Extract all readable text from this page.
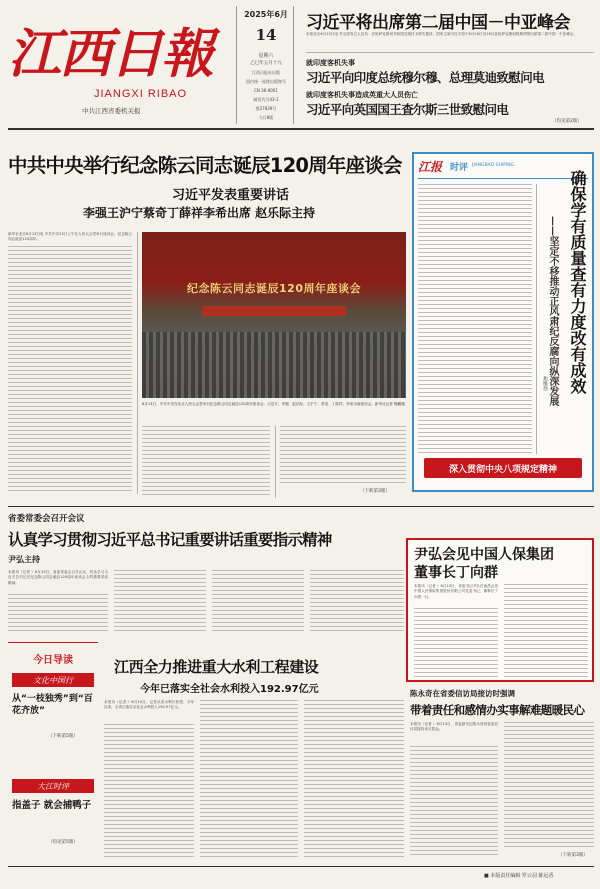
江西日報
JIANGXI RIBAO
中共江西省委机关报
2025年6月
14
星期六
乙巳年五月十九
江西日报社出版
国内统一连续出版物号
CN 36-0001
邮发代号43-1
第27839号
今日8版
习近平将出席第二届中国－中亚峰会
本报北京6月13日电 外交部发言人宣布：应哈萨克斯坦共和国总统托卡耶夫邀请，国家主席习近平将于6月16日至18日赴哈萨克斯坦阿斯塔纳出席第二届中国－中亚峰会。
就印度客机失事
习近平向印度总统穆尔穆、总理莫迪致慰问电
就印度客机失事造成英重大人员伤亡
习近平向英国国王查尔斯三世致慰问电
（均见第2版）
中共中央举行纪念陈云同志诞辰120周年座谈会
习近平发表重要讲话
李强王沪宁蔡奇丁薛祥李希出席 赵乐际主持
新华社北京6月13日电 中共中央13日上午在人民大会堂举行座谈会，纪念陈云同志诞辰120周年。
纪念陈云同志诞辰120周年座谈会
6月13日，中共中央在北京人民大会堂举行纪念陈云同志诞辰120周年座谈会。习近平、李强、赵乐际、王沪宁、蔡奇、丁薛祥、李希出席座谈会。新华社记者 鞠鹏摄
（下转第3版）
江报 时评 JIANGBAO SHIPING
确保学有质量查有力度改有成效
——坚定不移推动正风肃纪反腐向纵深发展
焦维伟
深入贯彻中央八项规定精神
省委常委会召开会议
认真学习贯彻习近平总书记重要讲话重要指示精神
尹弘主持
本报讯（记者 ）6月13日，省委常委会召开会议，传达学习习近平总书记在纪念陈云同志诞辰120周年座谈会上的重要讲话精神。
尹弘会见中国人保集团
董事长丁向群
本报讯（记者 ）6月13日，省委书记尹弘在南昌会见中国人民保险集团股份有限公司党委书记、董事长丁向群一行。
今日导读
文化中国行
从“一枝独秀”到“百花齐放”
（下转第5版）
大江时评
指盖子 就会捕鸭子
（均见第5版）
江西全力推进重大水利工程建设
今年已落实全社会水利投入192.97亿元
本报讯（记者 ）6月13日，记者从省水利厅获悉，今年以来，全省已落实全社会水利投入192.97亿元。
陈永奇在省委信访局接访时强调
带着责任和感情办实事解难题暖民心
本报讯（记者 ）6月13日，省委副书记陈永奇到省委信访局接待来访群众。
（下转第3版）
■ 本版责任编辑 罗云羽 陈远香
